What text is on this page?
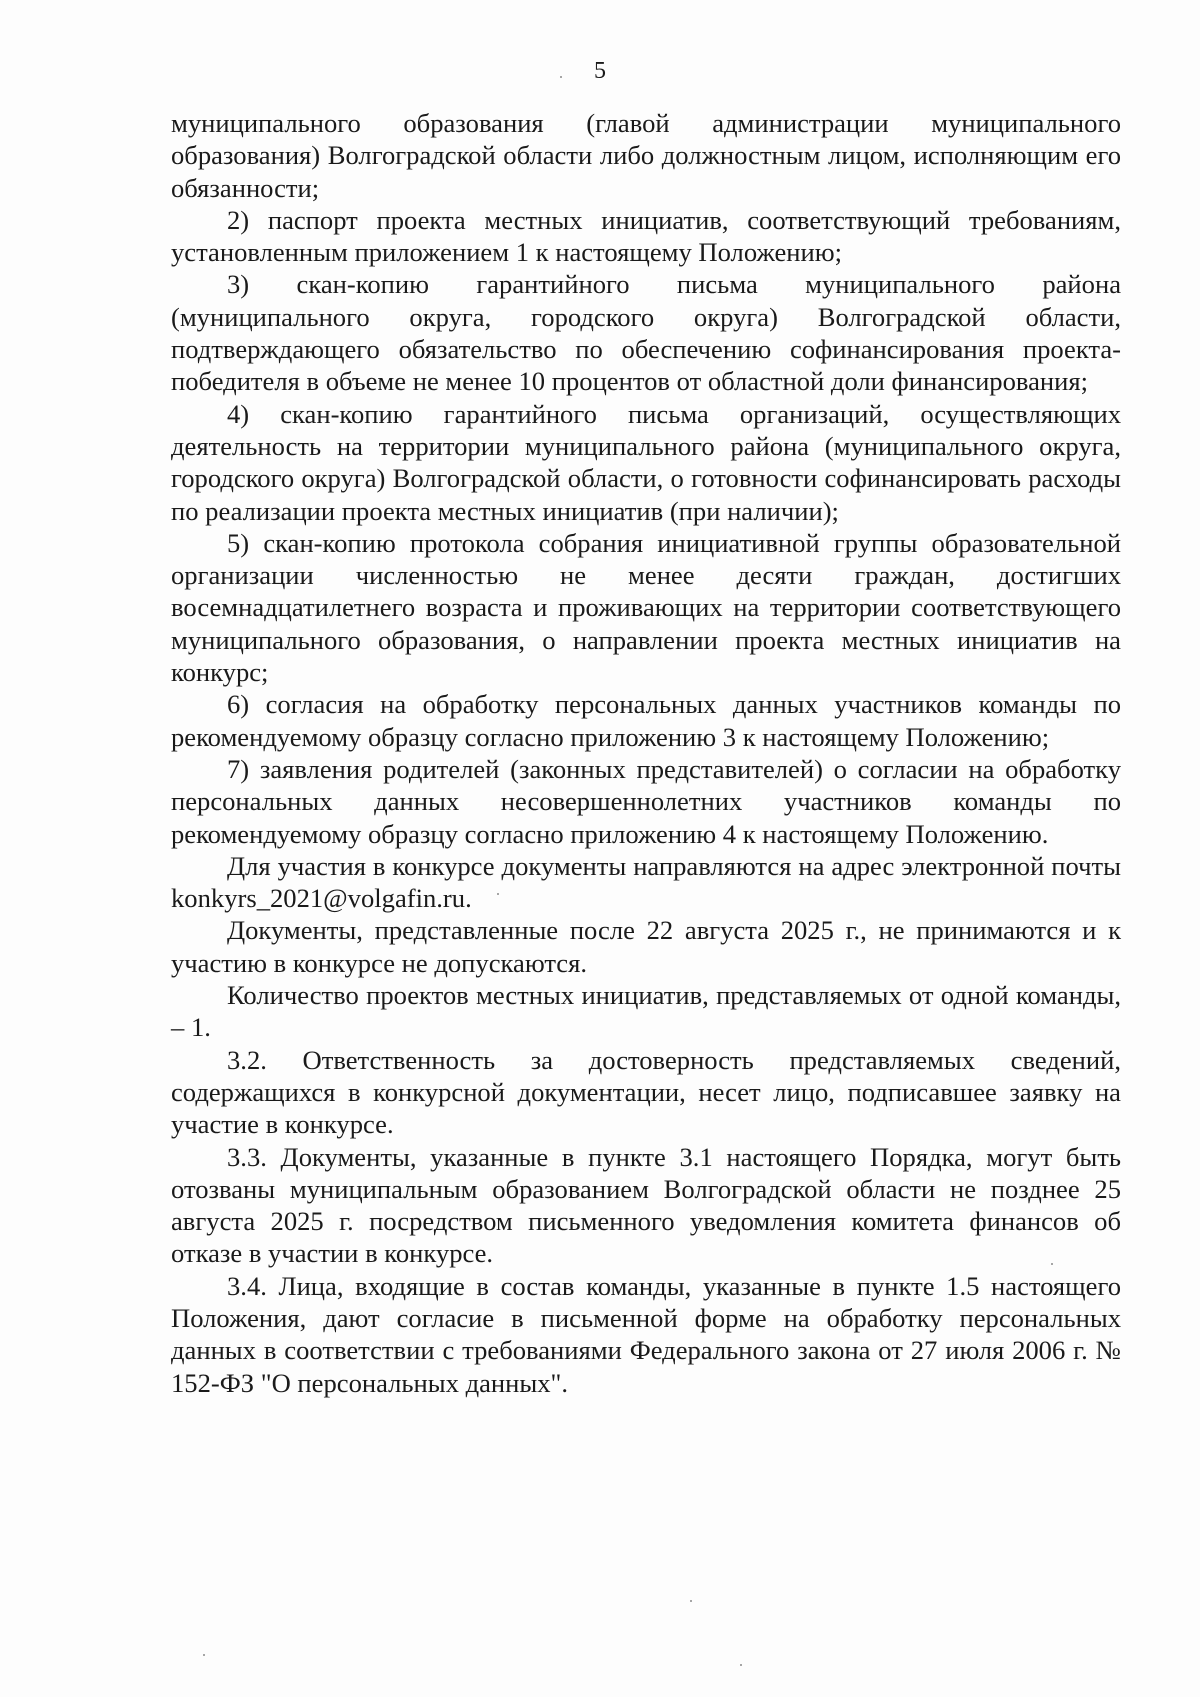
5

муниципального образования (главой администрации муниципального образования) Волгоградской области либо должностным лицом, исполняющим его обязанности;

2) паспорт проекта местных инициатив, соответствующий требованиям, установленным приложением 1 к настоящему Положению;

3) скан-копию гарантийного письма муниципального района (муниципального округа, городского округа) Волгоградской области, подтверждающего обязательство по обеспечению софинансирования проекта-победителя в объеме не менее 10 процентов от областной доли финансирования;

4) скан-копию гарантийного письма организаций, осуществляющих деятельность на территории муниципального района (муниципального округа, городского округа) Волгоградской области, о готовности софинансировать расходы по реализации проекта местных инициатив (при наличии);

5) скан-копию протокола собрания инициативной группы образовательной организации численностью не менее десяти граждан, достигших восемнадцатилетнего возраста и проживающих на территории соответствующего муниципального образования, о направлении проекта местных инициатив на конкурс;

6) согласия на обработку персональных данных участников команды по рекомендуемому образцу согласно приложению 3 к настоящему Положению;

7) заявления родителей (законных представителей) о согласии на обработку персональных данных несовершеннолетних участников команды по рекомендуемому образцу согласно приложению 4 к настоящему Положению.

Для участия в конкурсе документы направляются на адрес электронной почты konkyrs_2021@volgafin.ru.

Документы, представленные после 22 августа 2025 г., не принимаются и к участию в конкурсе не допускаются.

Количество проектов местных инициатив, представляемых от одной команды, – 1.

3.2. Ответственность за достоверность представляемых сведений, содержащихся в конкурсной документации, несет лицо, подписавшее заявку на участие в конкурсе.

3.3. Документы, указанные в пункте 3.1 настоящего Порядка, могут быть отозваны муниципальным образованием Волгоградской области не позднее 25 августа 2025 г. посредством письменного уведомления комитета финансов об отказе в участии в конкурсе.

3.4. Лица, входящие в состав команды, указанные в пункте 1.5 настоящего Положения, дают согласие в письменной форме на обработку персональных данных в соответствии с требованиями Федерального закона от 27 июля 2006 г. № 152-ФЗ "О персональных данных".
